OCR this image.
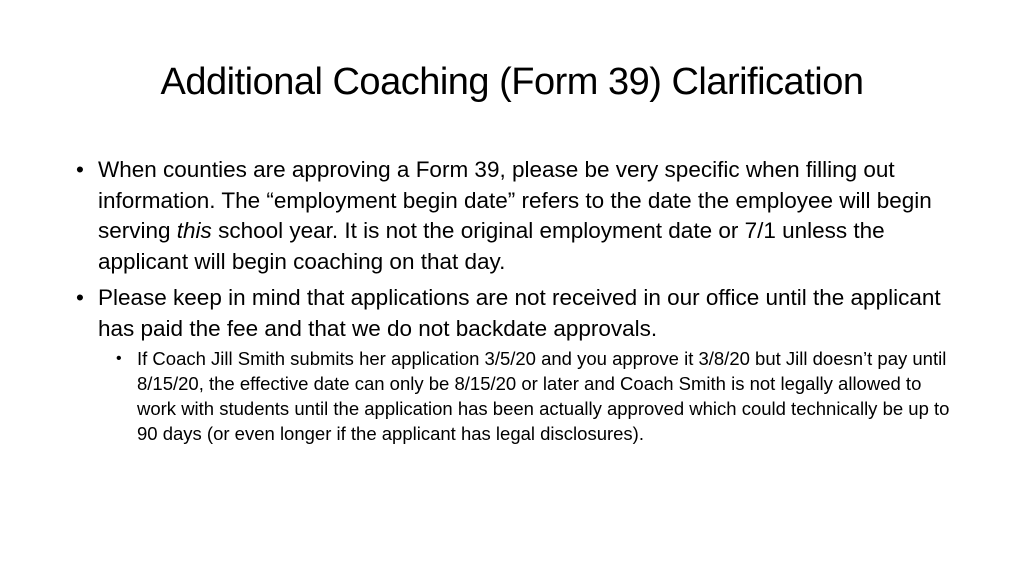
Additional Coaching (Form 39) Clarification
• When counties are approving a Form 39, please be very specific when filling out information. The “employment begin date” refers to the date the employee will begin serving this school year. It is not the original employment date or 7/1 unless the applicant will begin coaching on that day.
• Please keep in mind that applications are not received in our office until the applicant has paid the fee and that we do not backdate approvals.
• If Coach Jill Smith submits her application 3/5/20 and you approve it 3/8/20 but Jill doesn’t pay until 8/15/20, the effective date can only be 8/15/20 or later and Coach Smith is not legally allowed to work with students until the application has been actually approved which could technically be up to 90 days (or even longer if the applicant has legal disclosures).
